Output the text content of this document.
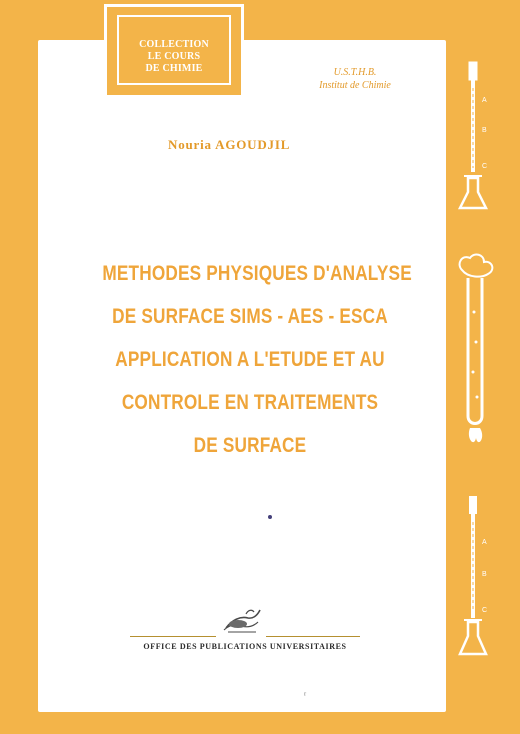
COLLECTION
LE COURS
DE CHIMIE	U.S.T.H.B.
Institut de Chimie
Nouria AGOUDJIL
METHODES PHYSIQUES D'ANALYSE
DE SURFACE SIMS - AES - ESCA
APPLICATION A L'ETUDE ET AU
CONTROLE EN TRAITEMENTS
DE SURFACE
OFFICE DES PUBLICATIONS UNIVERSITAIRES
ʳ
A
B
C
A
B
C
